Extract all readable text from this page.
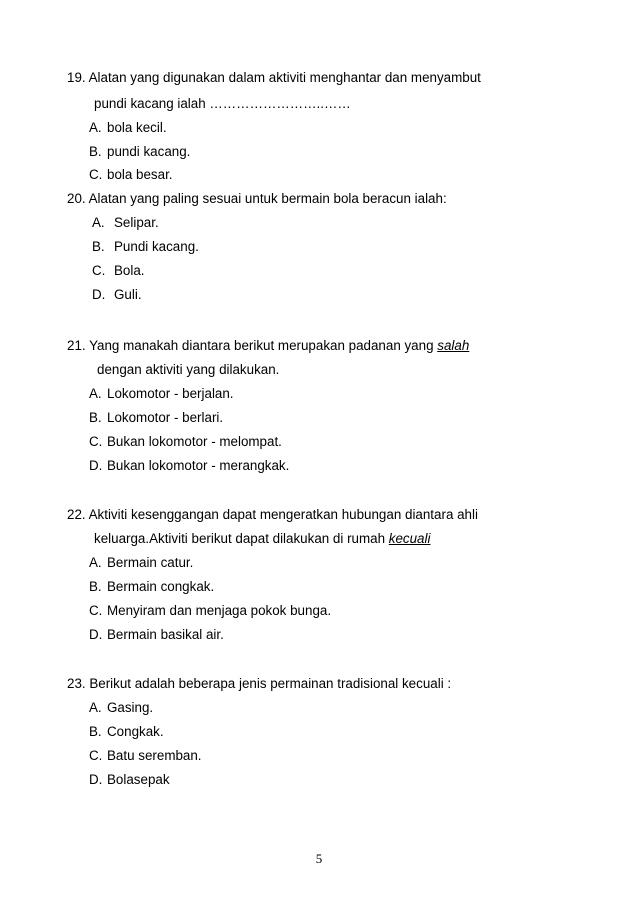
19. Alatan yang digunakan dalam aktiviti menghantar dan menyambut
pundi kacang ialah ……………………..……
A. bola kecil.
B. pundi kacang.
C. bola besar.
20. Alatan yang paling sesuai untuk bermain bola beracun ialah:
A. Selipar.
B. Pundi kacang.
C. Bola.
D. Guli.
21. Yang manakah diantara berikut merupakan padanan yang salah
dengan aktiviti yang dilakukan.
A. Lokomotor - berjalan.
B. Lokomotor - berlari.
C. Bukan lokomotor - melompat.
D. Bukan lokomotor - merangkak.
22. Aktiviti kesenggangan dapat mengeratkan hubungan diantara ahli
keluarga.Aktiviti berikut dapat dilakukan di rumah kecuali
A. Bermain catur.
B. Bermain congkak.
C. Menyiram dan menjaga pokok bunga.
D. Bermain basikal air.
23. Berikut adalah beberapa jenis permainan tradisional kecuali :
A. Gasing.
B. Congkak.
C. Batu seremban.
D. Bolasepak
5
